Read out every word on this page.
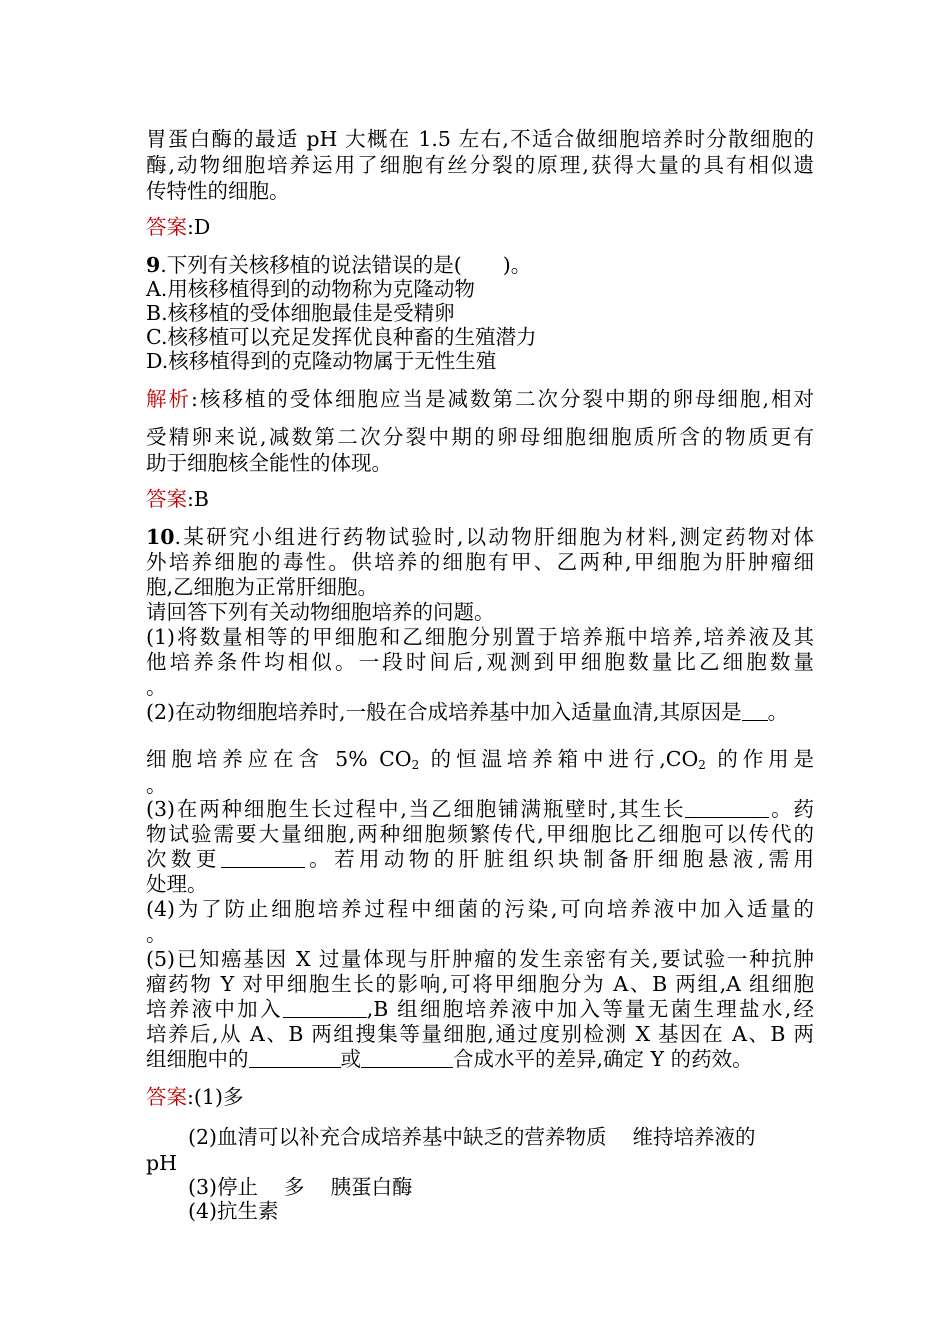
胃蛋白酶的最适 pH 大概在 1.5 左右,不适合做细胞培养时分散细胞的
酶,动物细胞培养运用了细胞有丝分裂的原理,获得大量的具有相似遗
传特性的细胞。
答案:D
9.下列有关核移植的说法错误的是(　　)。
A.用核移植得到的动物称为克隆动物
B.核移植的受体细胞最佳是受精卵
C.核移植可以充足发挥优良种畜的生殖潜力
D.核移植得到的克隆动物属于无性生殖
解析:核移植的受体细胞应当是减数第二次分裂中期的卵母细胞,相对
受精卵来说,减数第二次分裂中期的卵母细胞细胞质所含的物质更有
助于细胞核全能性的体现。
答案:B
10.某研究小组进行药物试验时,以动物肝细胞为材料,测定药物对体
外培养细胞的毒性。供培养的细胞有甲、乙两种,甲细胞为肝肿瘤细
胞,乙细胞为正常肝细胞。
请回答下列有关动物细胞培养的问题。
(1)将数量相等的甲细胞和乙细胞分别置于培养瓶中培养,培养液及其
他培养条件均相似。一段时间后,观测到甲细胞数量比乙细胞数量
。
(2)在动物细胞培养时,一般在合成培养基中加入适量血清,其原因是 。
细胞培养应在含 5% $CO_2$ 的恒温培养箱中进行$,CO_2$ 的作用是
。
(3)在两种细胞生长过程中,当乙细胞铺满瓶壁时,其生长	。药
物试验需要大量细胞,两种细胞频繁传代,甲细胞比乙细胞可以传代的
次数更	。若用动物的肝脏组织块制备肝细胞悬液,需用
处理。
(4)为了防止细胞培养过程中细菌的污染,可向培养液中加入适量的
。
(5)已知癌基因 X 过量体现与肝肿瘤的发生亲密有关,要试验一种抗肿
瘤药物 Y 对甲细胞生长的影响,可将甲细胞分为 A、B 两组,A 组细胞
培养液中加入	,B 组细胞培养液中加入等量无菌生理盐水,经
培养后,从 A、B 两组搜集等量细胞,通过度别检测 X 基因在 A、B 两
组细胞中的	或	合成水平的差异,确定 Y 的药效。
答案:(1)多
(2)血清可以补充合成培养基中缺乏的营养物质 维持培养液的
pH
(3)停止 多 胰蛋白酶
(4)抗生素
